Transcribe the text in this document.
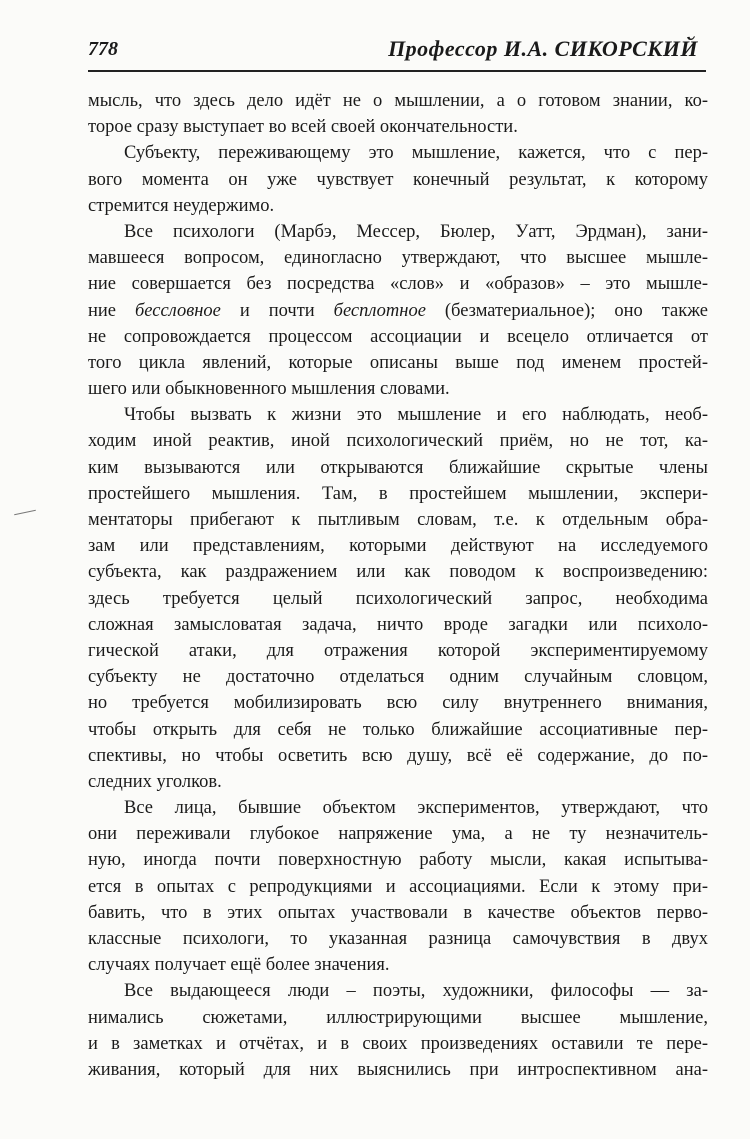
778	Профессор И.А. СИКОРСКИЙ
мысль, что здесь дело идёт не о мышлении, а о готовом знании, ко-
торое сразу выступает во всей своей окончательности.
Субъекту, переживающему это мышление, кажется, что с пер-
вого момента он уже чувствует конечный результат, к которому
стремится неудержимо.
Все психологи (Марбэ, Мессер, Бюлер, Уатт, Эрдман), зани-
мавшееся вопросом, единогласно утверждают, что высшее мышле-
ние совершается без посредства «слов» и «образов» – это мышле-
ние бессловное и почти бесплотное (безматериальное); оно также
не сопровождается процессом ассоциации и всецело отличается от
того цикла явлений, которые описаны выше под именем простей-
шего или обыкновенного мышления словами.
Чтобы вызвать к жизни это мышление и его наблюдать, необ-
ходим иной реактив, иной психологический приём, но не тот, ка-
ким вызываются или открываются ближайшие скрытые члены
простейшего мышления. Там, в простейшем мышлении, экспери-
ментаторы прибегают к пытливым словам, т.е. к отдельным обра-
зам или представлениям, которыми действуют на исследуемого
субъекта, как раздражением или как поводом к воспроизведению:
здесь требуется целый психологический запрос, необходима
сложная замысловатая задача, ничто вроде загадки или психоло-
гической атаки, для отражения которой экспериментируемому
субъекту не достаточно отделаться одним случайным словцом,
но требуется мобилизировать всю силу внутреннего внимания,
чтобы открыть для себя не только ближайшие ассоциативные пер-
спективы, но чтобы осветить всю душу, всё её содержание, до по-
следних уголков.
Все лица, бывшие объектом экспериментов, утверждают, что
они переживали глубокое напряжение ума, а не ту незначитель-
ную, иногда почти поверхностную работу мысли, какая испытыва-
ется в опытах с репродукциями и ассоциациями. Если к этому при-
бавить, что в этих опытах участвовали в качестве объектов перво-
классные психологи, то указанная разница самочувствия в двух
случаях получает ещё более значения.
Все выдающееся люди – поэты, художники, философы — за-
нимались сюжетами, иллюстрирующими высшее мышление,
и в заметках и отчётах, и в своих произведениях оставили те пере-
живания, который для них выяснились при интроспективном ана-
